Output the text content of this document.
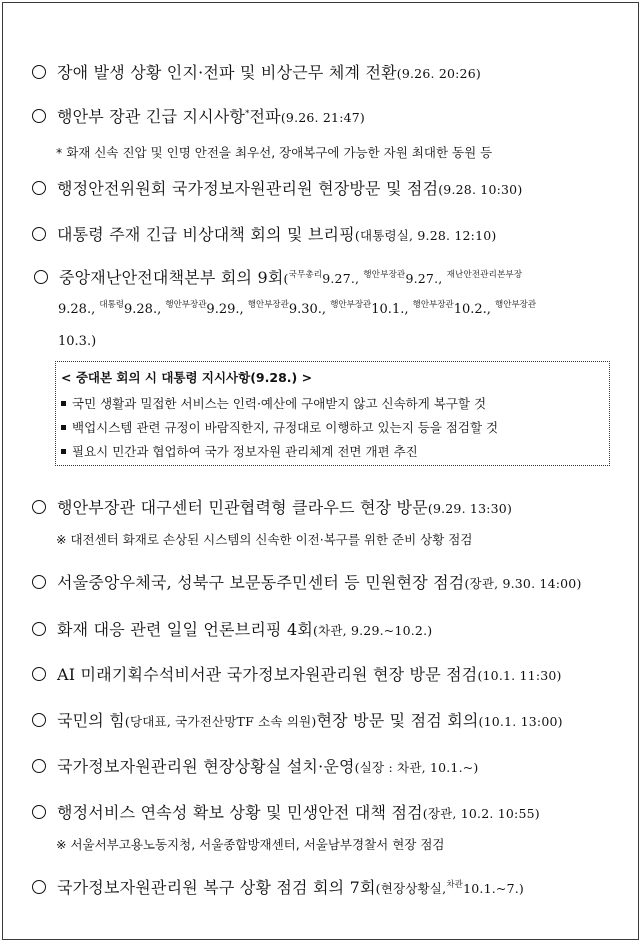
장애 발생 상황 인지·전파 및 비상근무 체계 전환 (9.26. 20:26)
행안부 장관 긴급 지시사항 * 전파 (9.26. 21:47)
* 화재 신속 진압 및 인명 안전을 최우선, 장애복구에 가능한 자원 최대한 동원 등
행정안전위원회 국가정보자원관리원 현장방문 및 점검 (9.28. 10:30)
대통령 주재 긴급 비상대책 회의 및 브리핑 (대통령실, 9.28. 12:10)
중앙재난안전대책본부 회의 9회 ( 국무총리 9.27.,
행안부장관 9.27.,
재난안전관리본부장
9.28., $^{대통령}$9.28., $^{행안부장관}$9.29., $^{행안부장관}$9.30., $^{행안부장관}$10.1., $^{행안부장관}$10.2., $^{행안부장관}$
10.3.)
< 중대본 회의 시 대통령 지시사항(9.28.) >
국민 생활과 밀접한 서비스는 인력·예산에 구애받지 않고 신속하게 복구할 것
백업시스템 관련 규정이 바람직한지, 규정대로 이행하고 있는지 등을 점검할 것
필요시 민간과 협업하여 국가 정보자원 관리체계 전면 개편 추진
행안부장관 대구센터 민관협력형 클라우드 현장 방문 (9.29. 13:30)
※ 대전센터 화재로 손상된 시스템의 신속한 이전·복구를 위한 준비 상황 점검
서울중앙우체국, 성북구 보문동주민센터 등 민원현장 점검 (장관, 9.30. 14:00)
화재 대응 관련 일일 언론브리핑 4회 (차관, 9.29.~10.2.)
AI 미래기획수석비서관 국가정보자원관리원 현장 방문 점검 (10.1. 11:30)
국민의 힘 (당대표, 국가전산망TF 소속 의원) 현장 방문 및 점검 회의 (10.1. 13:00)
국가정보자원관리원 현장상황실 설치·운영 (실장 : 차관, 10.1.~)
행정서비스 연속성 확보 상황 및 민생안전 대책 점검 (장관, 10.2. 10:55)
※ 서울서부고용노동지청, 서울종합방재센터, 서울남부경찰서 현장 점검
국가정보자원관리원 복구 상황 점검 회의 7회 (현장상황실, 차관 10.1.~7.)
